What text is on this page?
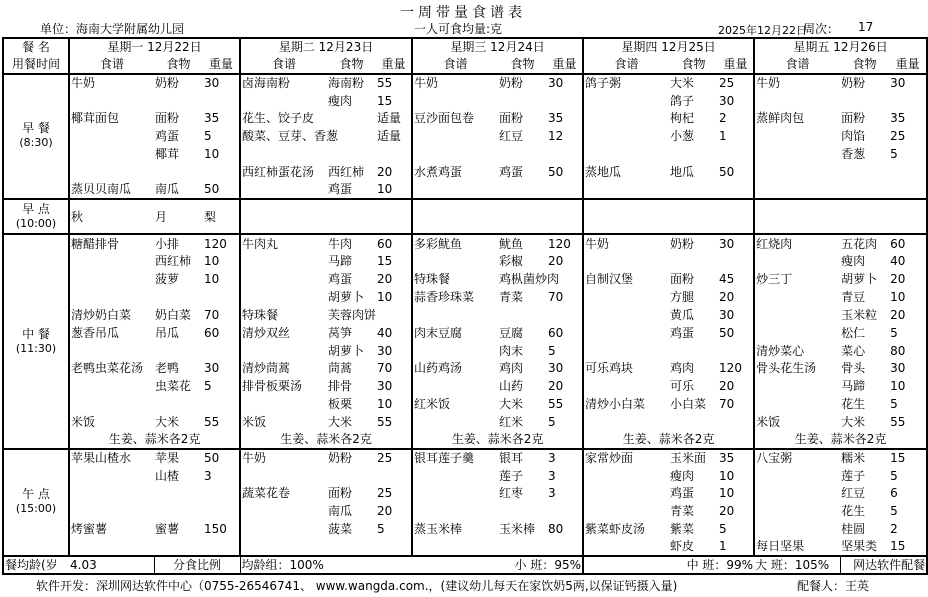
一周带量食谱表
单位：海南大学附属幼儿园	一人可食均量:克	2025年12月22日
周次： 17
餐 名	星期一 12月22日			星期二 12月23日			星期三 12月24日			星期四 12月25日			星期五 12月26日		
用餐时间	食谱	食物	重量	食谱	食物	重量	食谱	食物	重量	食谱	食物	重量	食谱	食物	重量
早 餐
(8:30)	牛奶	奶粉	30	卤海南粉	海南粉	55	牛奶	奶粉	30	鸽子粥	大米	25	牛奶	奶粉	30
					瘦肉	15					鸽子	30			
	椰茸面包	面粉	35	花生、饺子皮		适量	豆沙面包卷	面粉	35		枸杞	2	蒸鲜肉包	面粉	35
		鸡蛋	5	酸菜、豆芽、香葱		适量		红豆	12		小葱	1		肉馅	25
		椰茸	10											香葱	5
				西红柿蛋花汤	西红柿	20	水煮鸡蛋	鸡蛋	50	蒸地瓜	地瓜	50			
	蒸贝贝南瓜	南瓜	50		鸡蛋	10									
早 点
(10:00)	秋	月	梨												
中 餐
(11:30)	糖醋排骨	小排	120	牛肉丸	牛肉	60	多彩鱿鱼	鱿鱼	120	牛奶	奶粉	30	红烧肉	五花肉	60
		西红柿	10		马蹄	15		彩椒	20					瘦肉	40
		菠萝	10		鸡蛋	20	特珠餐	鸡枞菌炒肉		自制汉堡	面粉	45	炒三丁	胡萝卜	20
					胡萝卜	10	蒜香珍珠菜	青菜	70		方腿	20		青豆	10
	清炒奶白菜	奶白菜	70	特珠餐	芙蓉肉饼						黄瓜	30		玉米粒	20
	葱香吊瓜	吊瓜	60	清炒双丝	莴笋	40	肉末豆腐	豆腐	60		鸡蛋	50		松仁	5
					胡萝卜	30		肉末	5				清炒菜心	菜心	80
	老鸭虫菜花汤	老鸭	30	清炒茼蒿	茼蒿	70	山药鸡汤	鸡肉	30	可乐鸡块	鸡肉	120	骨头花生汤	骨头	30
		虫菜花	5	排骨板栗汤	排骨	30		山药	20		可乐	20		马蹄	10
					板栗	10	红米饭	大米	55	清炒小白菜	小白菜	70		花生	5
	米饭	大米	55	米饭	大米	55		红米	5				米饭	大米	55
	生姜、蒜米各2克			生姜、蒜米各2克			生姜、蒜米各2克			生姜、蒜米各2克			生姜、蒜米各2克		
午 点
(15:00)	苹果山楂水	苹果	50	牛奶	奶粉	25	银耳莲子羹	银耳	3	家常炒面	玉米面	35	八宝粥	糯米	15
		山楂	3					莲子	3		瘦肉	10		莲子	5
				蔬菜花卷	面粉	25		红枣	3		鸡蛋	10		红豆	6
					南瓜	20					青菜	20		花生	5
	烤蜜薯	蜜薯	150		菠菜	5	蒸玉米棒	玉米棒	80	紫菜虾皮汤	紫菜	5		桂圆	2
											虾皮	1	每日坚果	坚果类	15
餐均龄(岁	4.03	分食比例		均龄组：100%			小 班：95%			中 班：99%			大 班：105%	网达软件配餐	
软件开发：深圳网达软件中心（0755-26546741、 www.wangda.com.，(建议幼儿每天在家饮奶5两,以保证钙摄入量)	配餐人：王英
